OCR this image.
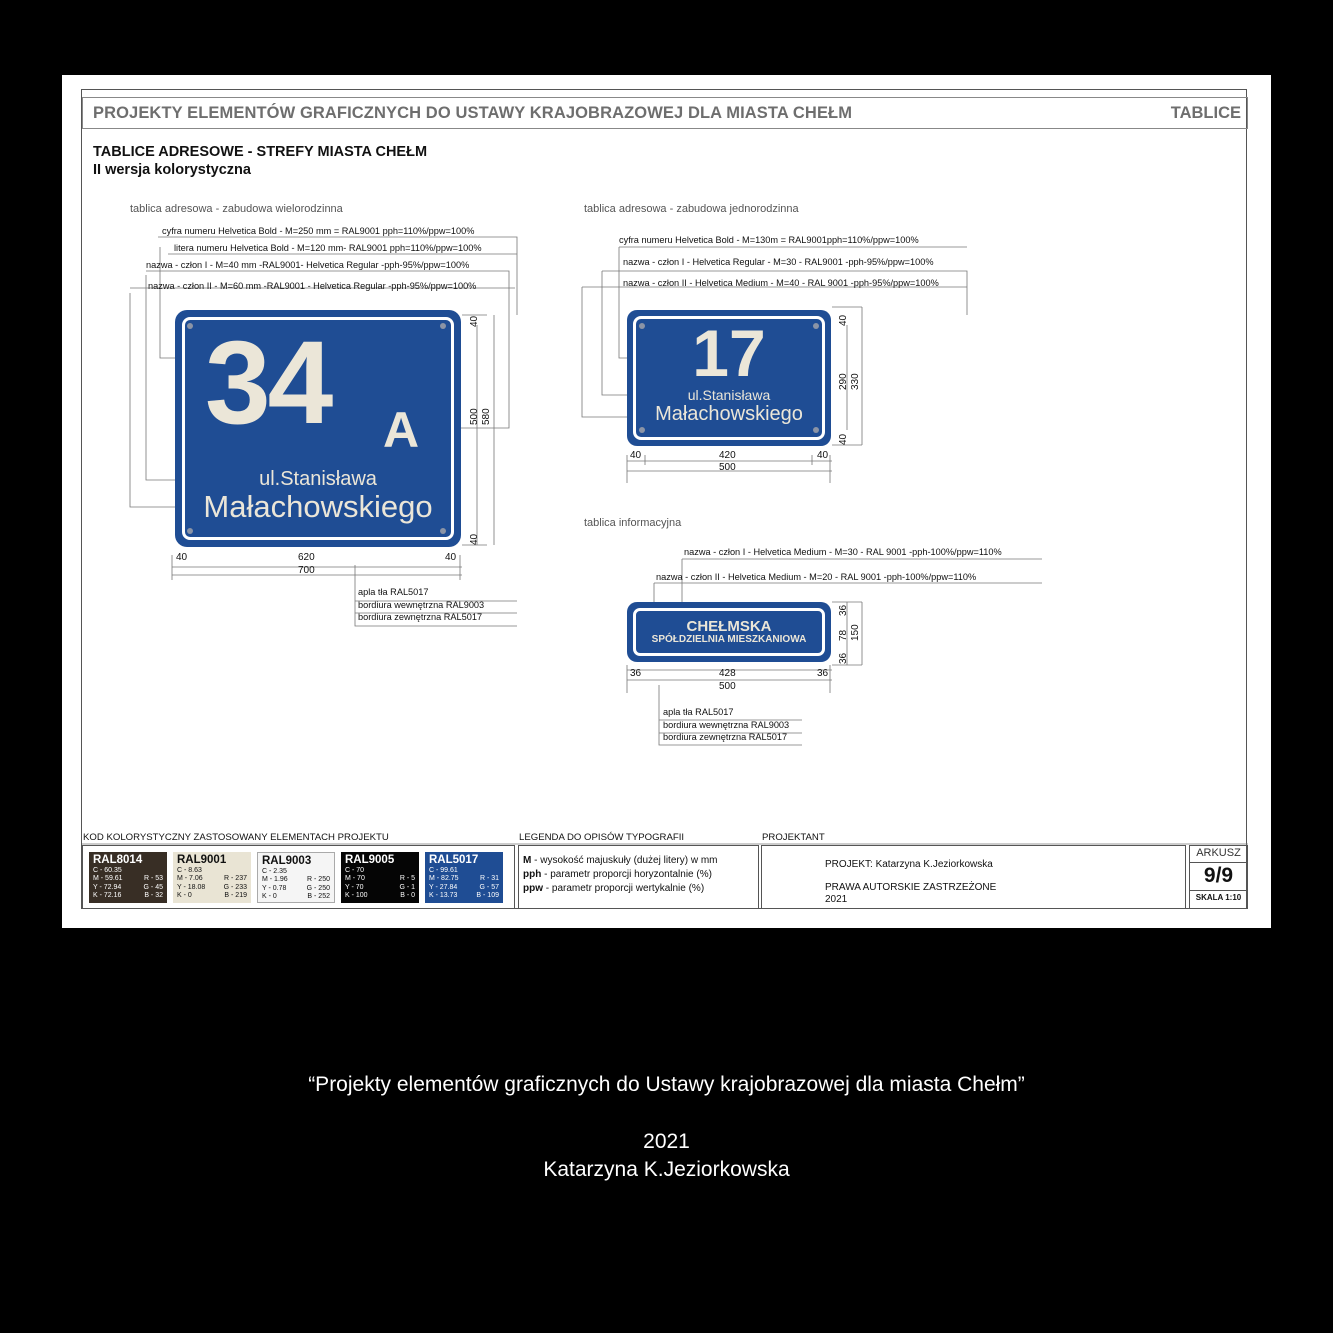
PROJEKTY ELEMENTÓW GRAFICZNYCH DO USTAWY KRAJOBRAZOWEJ DLA MIASTA CHEŁM	TABLICE
TABLICE ADRESOWE - STREFY MIASTA CHEŁM
II wersja kolorystyczna
tablica adresowa - zabudowa wielorodzinna
cyfra numeru Helvetica Bold - M=250 mm = RAL9001 pph=110%/ppw=100%
litera numeru Helvetica Bold - M=120 mm- RAL9001 pph=110%/ppw=100%
nazwa - człon I - M=40 mm -RAL9001- Helvetica Regular -pph-95%/ppw=100%
nazwa - człon II - M=60 mm -RAL9001 - Helvetica Regular -pph-95%/ppw=100%
34 A
ul.Stanisława
Małachowskiego
40	620	40
700
40
40
500 580
apla tła RAL5017
bordiura wewnętrzna RAL9003
bordiura zewnętrzna RAL5017
tablica adresowa - zabudowa jednorodzinna
cyfra numeru Helvetica Bold - M=130m = RAL9001pph=110%/ppw=100%
nazwa - człon I - Helvetica Regular - M=30 - RAL9001 -pph-95%/ppw=100%
nazwa - człon II - Helvetica Medium - M=40 - RAL 9001 -pph-95%/ppw=100%
17
ul.Stanisława
Małachowskiego
40	420	40
500
40
40
290 330
tablica informacyjna
nazwa - człon I - Helvetica Medium - M=30 - RAL 9001 -pph-100%/ppw=110%
nazwa - człon II - Helvetica Medium - M=20 - RAL 9001 -pph-100%/ppw=110%
CHEŁMSKA
SPÓŁDZIELNIA MIESZKANIOWA
36	428	36
500
36
78
36
150
apla tła RAL5017
bordiura wewnętrzna RAL9003
bordiura zewnętrzna RAL5017
KOD KOLORYSTYCZNY ZASTOSOWANY ELEMENTACH PROJEKTU	LEGENDA DO OPISÓW TYPOGRAFII	PROJEKTANT
RAL8014
C - 60.35
M - 59.61	R - 53
Y - 72.94	G - 45
K - 72.16	B - 32
RAL9001
C - 8.63
M - 7.06	R - 237
Y - 18.08	G - 233
K - 0	B - 219
RAL9003
C - 2.35
M - 1.96	R - 250
Y - 0.78	G - 250
K - 0	B - 252
RAL9005
C - 70
M - 70	R - 5
Y - 70	G - 1
K - 100	B - 0
RAL5017
C - 99.61
M - 82.75	R - 31
Y - 27.84	G - 57
K - 13.73	B - 109
M - wysokość majuskuły (dużej litery) w mm
pph - parametr proporcji horyzontalnie (%)
ppw - parametr proporcji wertykalnie (%)
PROJEKT: Katarzyna K.Jeziorkowska
PRAWA AUTORSKIE ZASTRZEŻONE
2021
ARKUSZ
9/9
SKALA 1:10
“Projekty elementów graficznych do Ustawy krajobrazowej dla miasta Chełm”
2021
Katarzyna K.Jeziorkowska
